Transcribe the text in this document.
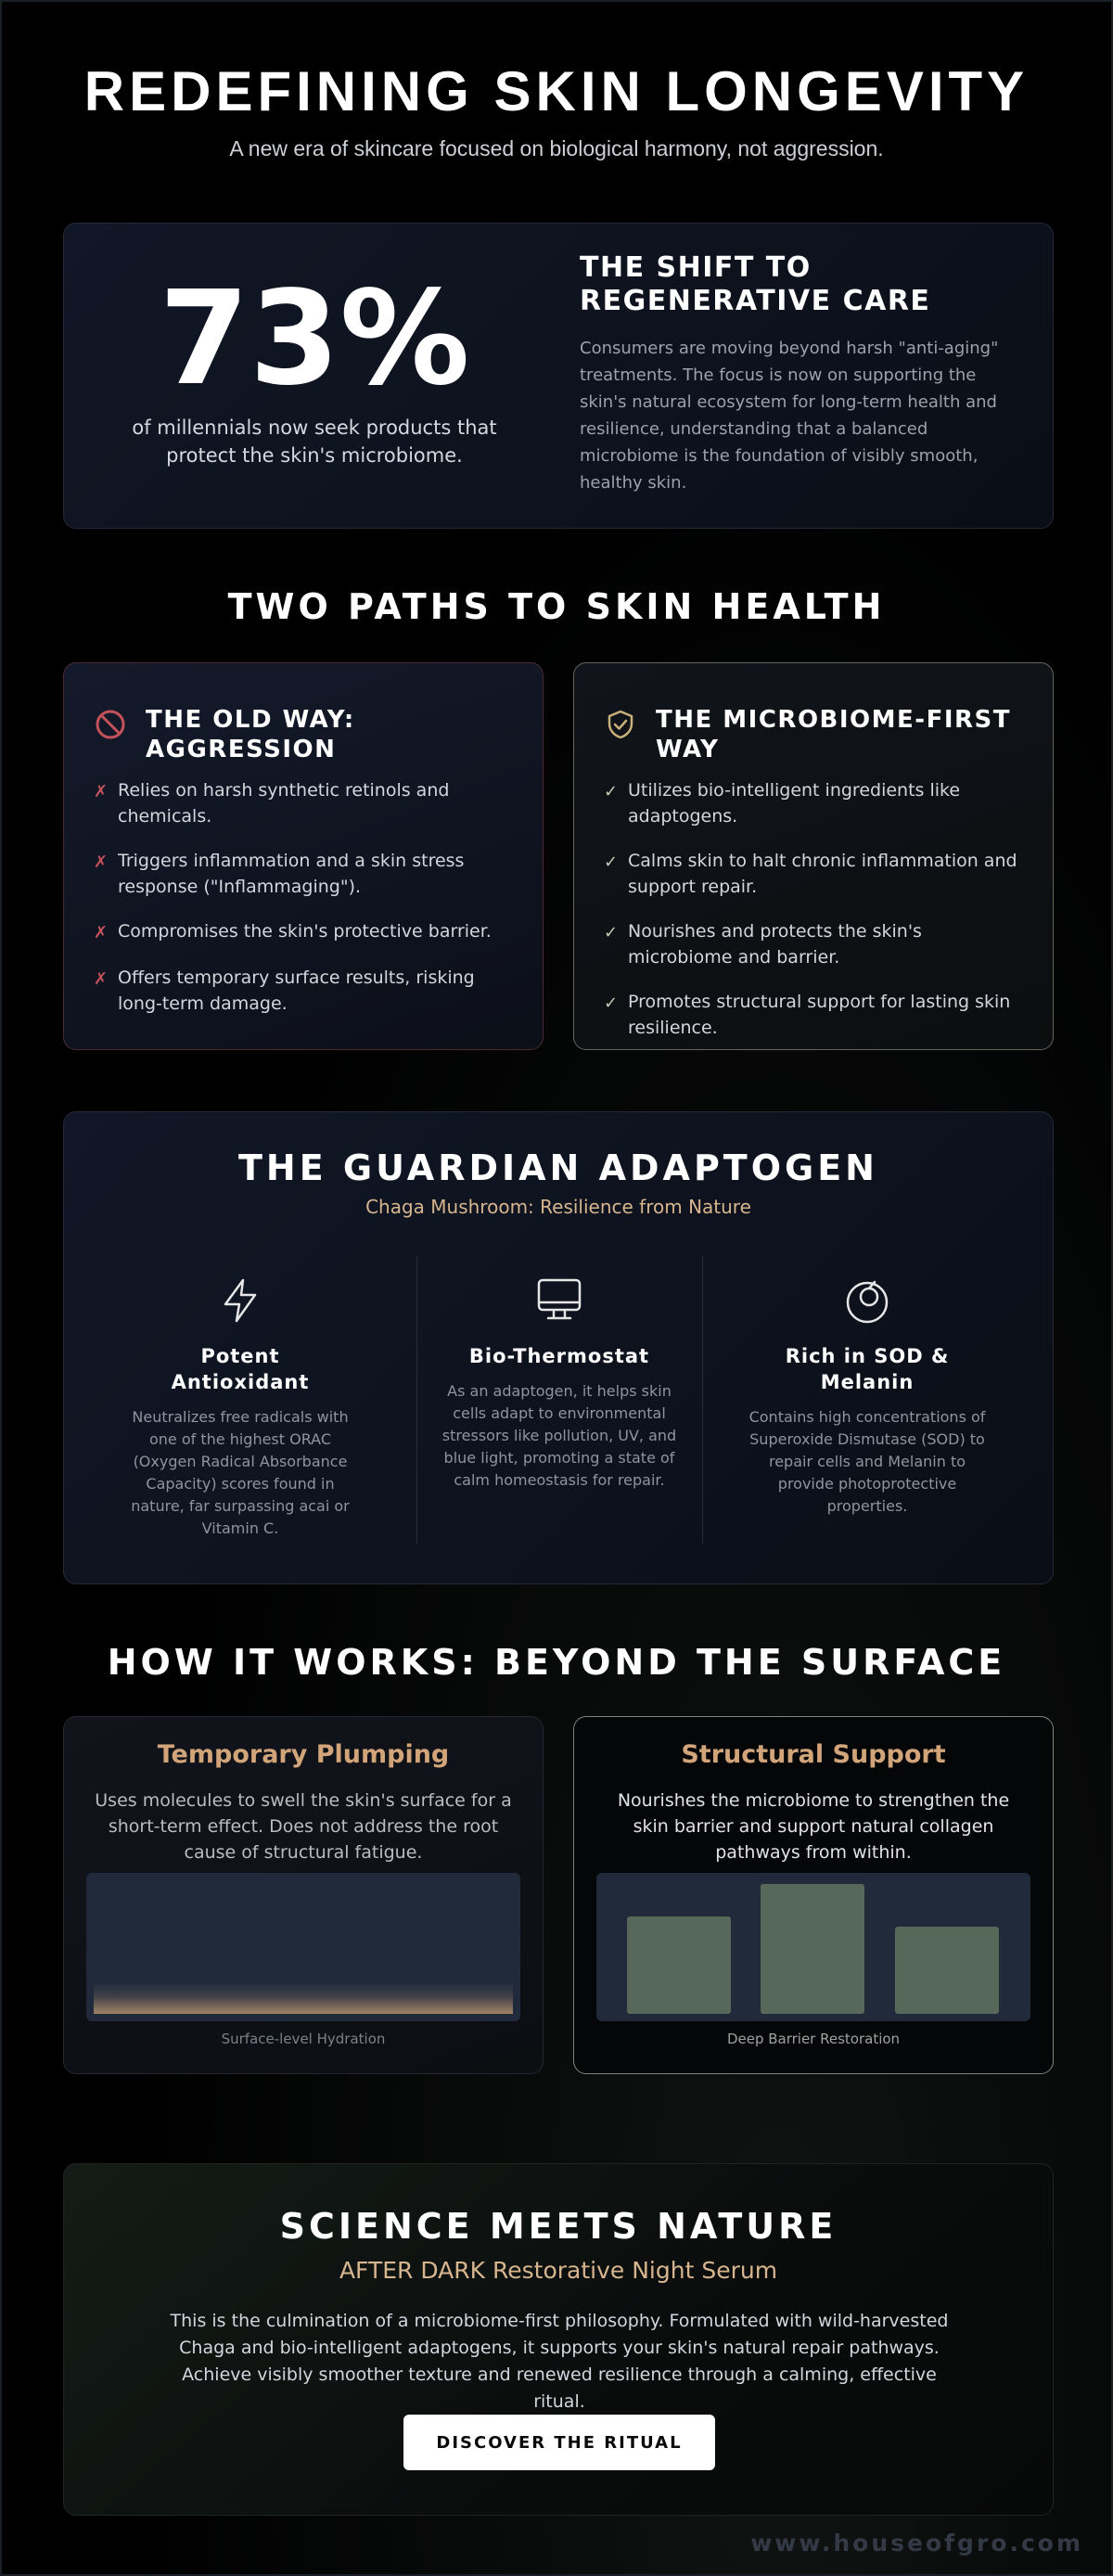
REDEFINING SKIN LONGEVITY

A new era of skincare focused on biological harmony, not aggression.

73%
of millennials now seek products that protect the skin's microbiome.
THE SHIFT TO REGENERATIVE CARE
Consumers are moving beyond harsh "anti-aging" treatments. The focus is now on supporting the skin's natural ecosystem for long-term health and resilience, understanding that a balanced microbiome is the foundation of visibly smooth, healthy skin.
TWO PATHS TO SKIN HEALTH
THE OLD WAY: AGGRESSION
✗ Relies on harsh synthetic retinols and chemicals.
✗ Triggers inflammation and a skin stress response ("Inflammaging").
✗ Compromises the skin's protective barrier.
✗ Offers temporary surface results, risking long-term damage.
THE MICROBIOME-FIRST WAY
✓ Utilizes bio-intelligent ingredients like adaptogens.
✓ Calms skin to halt chronic inflammation and support repair.
✓ Nourishes and protects the skin's microbiome and barrier.
✓ Promotes structural support for lasting skin resilience.
THE GUARDIAN ADAPTOGEN
Chaga Mushroom: Resilience from Nature
Potent Antioxidant
Neutralizes free radicals with one of the highest ORAC (Oxygen Radical Absorbance Capacity) scores found in nature, far surpassing acai or Vitamin C.
Bio-Thermostat
As an adaptogen, it helps skin cells adapt to environmental stressors like pollution, UV, and blue light, promoting a state of calm homeostasis for repair.
Rich in SOD & Melanin
Contains high concentrations of Superoxide Dismutase (SOD) to repair cells and Melanin to provide photoprotective properties.
HOW IT WORKS: BEYOND THE SURFACE
Temporary Plumping
Uses molecules to swell the skin's surface for a short-term effect. Does not address the root cause of structural fatigue.
Surface-level Hydration
Structural Support
Nourishes the microbiome to strengthen the skin barrier and support natural collagen pathways from within.
Deep Barrier Restoration
SCIENCE MEETS NATURE
AFTER DARK Restorative Night Serum
This is the culmination of a microbiome-first philosophy. Formulated with wild-harvested Chaga and bio-intelligent adaptogens, it supports your skin's natural repair pathways. Achieve visibly smoother texture and renewed resilience through a calming, effective ritual.
DISCOVER THE RITUAL
www.houseofgro.com
